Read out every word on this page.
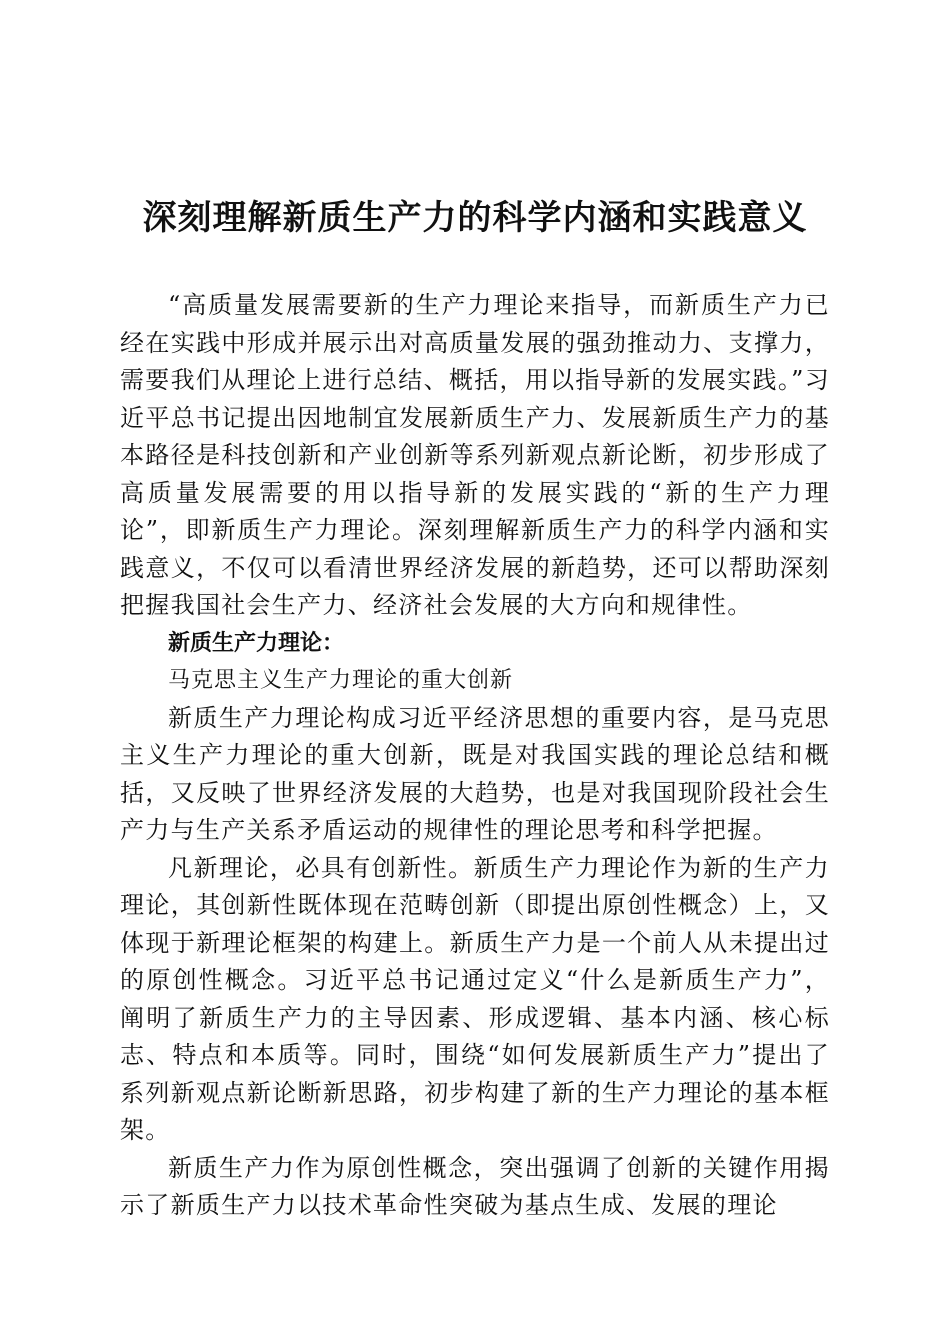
深刻理解新质生产力的科学内涵和实践意义

“高质量发展需要新的生产力理论来指导，而新质生产力已经在实践中形成并展示出对高质量发展的强劲推动力、支撑力，需要我们从理论上进行总结、概括，用以指导新的发展实践。”习近平总书记提出因地制宜发展新质生产力、发展新质生产力的基本路径是科技创新和产业创新等系列新观点新论断，初步形成了高质量发展需要的用以指导新的发展实践的“新的生产力理论”，即新质生产力理论。深刻理解新质生产力的科学内涵和实践意义，不仅可以看清世界经济发展的新趋势，还可以帮助深刻把握我国社会生产力、经济社会发展的大方向和规律性。

新质生产力理论：

马克思主义生产力理论的重大创新

新质生产力理论构成习近平经济思想的重要内容，是马克思主义生产力理论的重大创新，既是对我国实践的理论总结和概括，又反映了世界经济发展的大趋势，也是对我国现阶段社会生产力与生产关系矛盾运动的规律性的理论思考和科学把握。

凡新理论，必具有创新性。新质生产力理论作为新的生产力理论，其创新性既体现在范畴创新（即提出原创性概念）上，又体现于新理论框架的构建上。新质生产力是一个前人从未提出过的原创性概念。习近平总书记通过定义“什么是新质生产力”，阐明了新质生产力的主导因素、形成逻辑、基本内涵、核心标志、特点和本质等。同时，围绕“如何发展新质生产力”提出了系列新观点新论断新思路，初步构建了新的生产力理论的基本框架。

新质生产力作为原创性概念，突出强调了创新的关键作用揭示了新质生产力以技术革命性突破为基点生成、发展的理论
